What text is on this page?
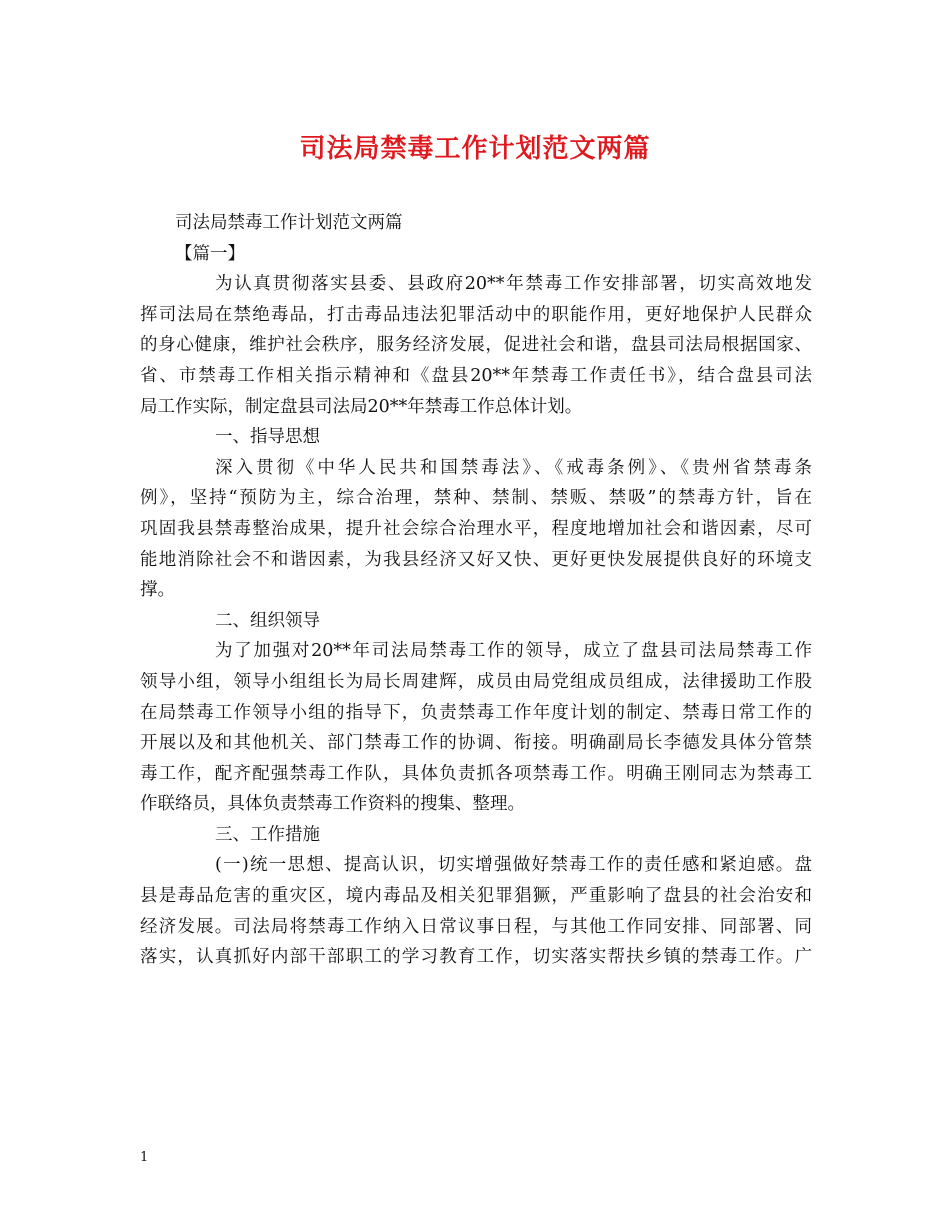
司法局禁毒工作计划范文两篇

司法局禁毒工作计划范文两篇

【篇一】

为认真贯彻落实县委、县政府20**年禁毒工作安排部署，切实高效地发

挥司法局在禁绝毒品，打击毒品违法犯罪活动中的职能作用，更好地保护人民群众

的身心健康，维护社会秩序，服务经济发展，促进社会和谐，盘县司法局根据国家、

省、市禁毒工作相关指示精神和《盘县20**年禁毒工作责任书》，结合盘县司法

局工作实际，制定盘县司法局20**年禁毒工作总体计划。

一、指导思想

深入贯彻《中华人民共和国禁毒法》、《戒毒条例》、《贵州省禁毒条

例》，坚持“预防为主，综合治理，禁种、禁制、禁贩、禁吸”的禁毒方针，旨在

巩固我县禁毒整治成果，提升社会综合治理水平，程度地增加社会和谐因素，尽可

能地消除社会不和谐因素，为我县经济又好又快、更好更快发展提供良好的环境支

撑。

二、组织领导

为了加强对20**年司法局禁毒工作的领导，成立了盘县司法局禁毒工作

领导小组，领导小组组长为局长周建辉，成员由局党组成员组成，法律援助工作股

在局禁毒工作领导小组的指导下，负责禁毒工作年度计划的制定、禁毒日常工作的

开展以及和其他机关、部门禁毒工作的协调、衔接。明确副局长李德发具体分管禁

毒工作，配齐配强禁毒工作队，具体负责抓各项禁毒工作。明确王刚同志为禁毒工

作联络员，具体负责禁毒工作资料的搜集、整理。

三、工作措施

(一)统一思想、提高认识，切实增强做好禁毒工作的责任感和紧迫感。盘

县是毒品危害的重灾区，境内毒品及相关犯罪猖獗，严重影响了盘县的社会治安和

经济发展。司法局将禁毒工作纳入日常议事日程，与其他工作同安排、同部署、同

落实，认真抓好内部干部职工的学习教育工作，切实落实帮扶乡镇的禁毒工作。广

1
